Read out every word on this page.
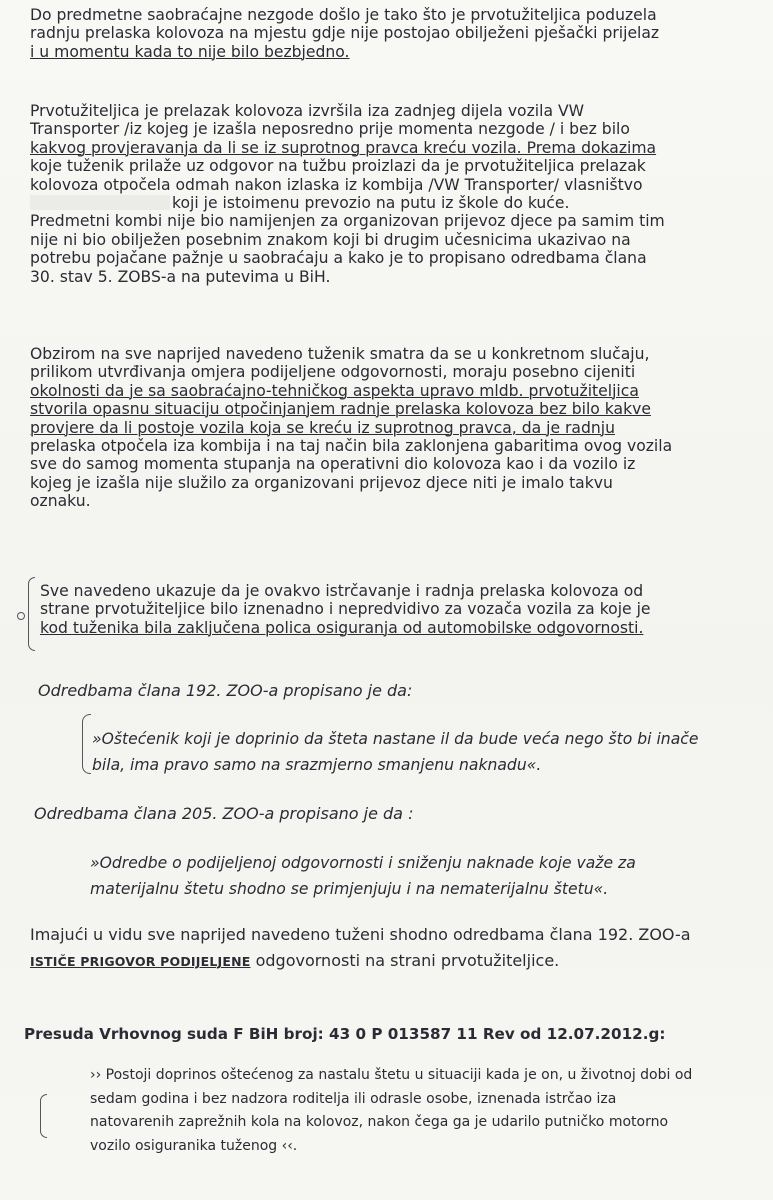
Do predmetne saobraćajne nezgode došlo je tako što je prvotužiteljica poduzela
radnju prelaska kolovoza na mjestu gdje nije postojao obilježeni pješački prijelaz
i u momentu kada to nije bilo bezbjedno.
Prvotužiteljica je prelazak kolovoza izvršila iza zadnjeg dijela vozila VW
Transporter /iz kojeg je izašla neposredno prije momenta nezgode / i bez bilo
kakvog provjeravanja da li se iz suprotnog pravca kreću vozila. Prema dokazima
koje tuženik prilaže uz odgovor na tužbu proizlazi da je prvotužiteljica prelazak
kolovoza otpočela odmah nakon izlaska iz kombija /VW Transporter/ vlasništvo
koji je istoimenu prevozio na putu iz škole do kuće.
Predmetni kombi nije bio namijenjen za organizovan prijevoz djece pa samim tim
nije ni bio obilježen posebnim znakom koji bi drugim učesnicima ukazivao na
potrebu pojačane pažnje u saobraćaju a kako je to propisano odredbama člana
30. stav 5. ZOBS-a na putevima u BiH.
Obzirom na sve naprijed navedeno tuženik smatra da se u konkretnom slučaju,
prilikom utvrđivanja omjera podijeljene odgovornosti, moraju posebno cijeniti
okolnosti da je sa saobraćajno-tehničkog aspekta upravo mldb. prvotužiteljica
stvorila opasnu situaciju otpočinjanjem radnje prelaska kolovoza bez bilo kakve
provjere da li postoje vozila koja se kreću iz suprotnog pravca, da je radnju
prelaska otpočela iza kombija i na taj način bila zaklonjena gabaritima ovog vozila
sve do samog momenta stupanja na operativni dio kolovoza kao i da vozilo iz
kojeg je izašla nije služilo za organizovani prijevoz djece niti je imalo takvu
oznaku.
Sve navedeno ukazuje da je ovakvo istrčavanje i radnja prelaska kolovoza od
strane prvotužiteljice bilo iznenadno i nepredvidivo za vozača vozila za koje je
kod tuženika bila zaključena polica osiguranja od automobilske odgovornosti.
Odredbama člana 192. ZOO-a propisano je da:
»Oštećenik koji je doprinio da šteta nastane il da bude veća nego što bi inače
bila, ima pravo samo na srazmjerno smanjenu naknadu«.
Odredbama člana 205. ZOO-a propisano je da :
»Odredbe o podijeljenoj odgovornosti i sniženju naknade koje važe za
materijalnu štetu shodno se primjenjuju i na nematerijalnu štetu«.
Imajući u vidu sve naprijed navedeno tuženi shodno odredbama člana 192. ZOO-a
ISTIČE PRIGOVOR PODIJELJENE odgovornosti na strani prvotužiteljice.
Presuda Vrhovnog suda F BiH broj: 43 0 P 013587 11 Rev od 12.07.2012.g:
›› Postoji doprinos oštećenog za nastalu štetu u situaciji kada je on, u životnoj dobi od
sedam godina i bez nadzora roditelja ili odrasle osobe, iznenada istrčao iza
natovarenih zaprežnih kola na kolovoz, nakon čega ga je udarilo putničko motorno
vozilo osiguranika tuženog ‹‹.
